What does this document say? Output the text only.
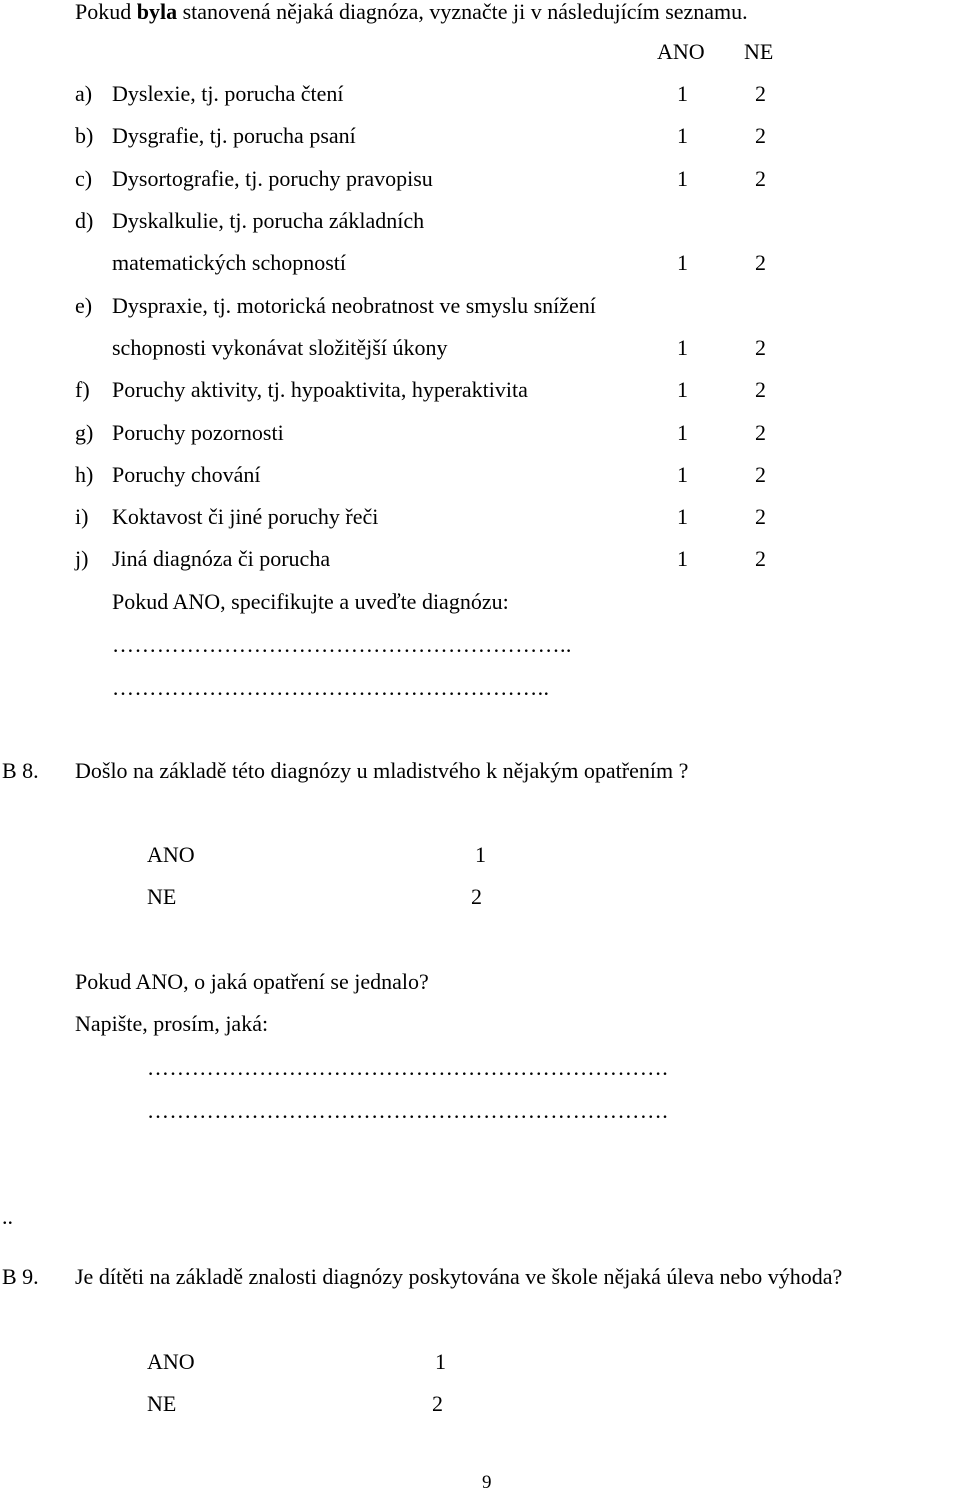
Pokud byla stanovená nějaká diagnóza, vyznačte ji v následujícím seznamu.
ANO NE
a) Dyslexie, tj. porucha čtení	1	2
b) Dysgrafie, tj. porucha psaní	1	2
c) Dysortografie, tj. poruchy pravopisu	1	2
d) Dyskalkulie, tj. porucha základních
matematických schopností	1	2
e) Dyspraxie, tj. motorická neobratnost ve smyslu snížení
schopnosti vykonávat složitější úkony	1	2
f) Poruchy aktivity, tj. hypoaktivita, hyperaktivita	1	2
g) Poruchy pozornosti	1	2
h) Poruchy chování	1	2
i) Koktavost či jiné poruchy řeči	1	2
j) Jiná diagnóza či porucha	1	2
Pokud ANO, specifikujte a uveďte diagnózu:
……………………………………………………..
…………………………………………………..
B 8. Došlo na základě této diagnózy u mladistvého k nějakým opatřením ?
ANO	1
NE	2
Pokud ANO, o jaká opatření se jednalo?
Napište, prosím, jaká:
…………………………………………………………….
…………………………………………………………….
..
B 9. Je dítěti na základě znalosti diagnózy poskytována ve škole nějaká úleva nebo výhoda?
ANO	1
NE	2
9
